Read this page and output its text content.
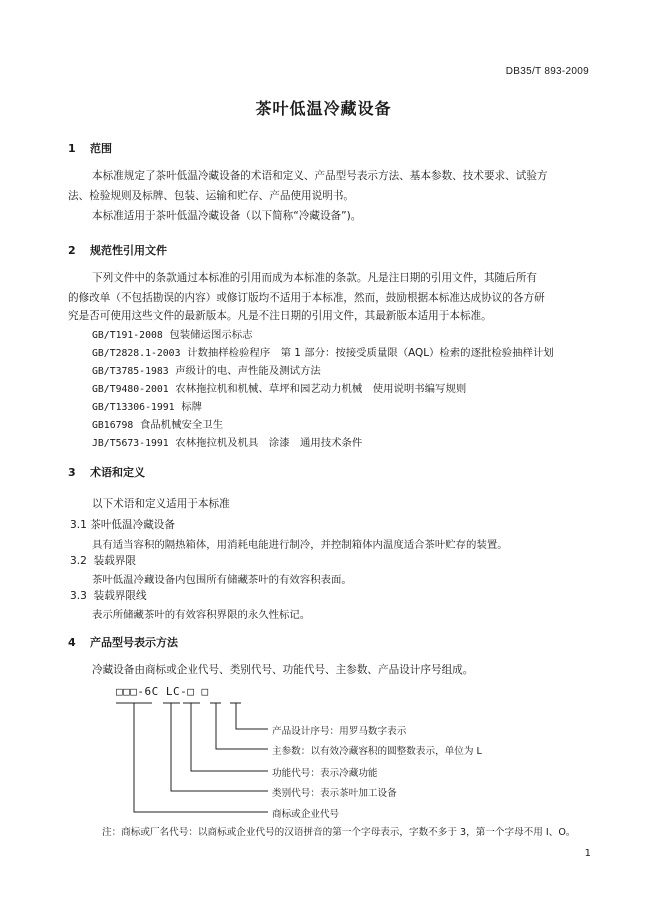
DB35/T 893-2009
茶叶低温冷藏设备
1 范围
本标准规定了茶叶低温冷藏设备的术语和定义、产品型号表示方法、基本参数、技术要求、试验方
法、检验规则及标牌、包装、运输和贮存、产品使用说明书。
本标准适用于茶叶低温冷藏设备（以下简称“冷藏设备”)。
2 规范性引用文件
下列文件中的条款通过本标准的引用而成为本标准的条款。凡是注日期的引用文件，其随后所有
的修改单（不包括勘误的内容）或修订版均不适用于本标准，然而，鼓励根据本标准达成协议的各方研
究是否可使用这些文件的最新版本。凡是不注日期的引用文件，其最新版本适用于本标准。
GB/T191-2008 包装储运图示标志
GB/T2828.1-2003 计数抽样检验程序　第 1 部分：按接受质量限（AQL）检索的逐批检验抽样计划
GB/T3785-1983 声级计的电、声性能及测试方法
GB/T9480-2001 农林拖拉机和机械、草坪和园艺动力机械　使用说明书编写规则
GB/T13306-1991 标牌
GB16798 食品机械安全卫生
JB/T5673-1991 农林拖拉机及机具　涂漆　通用技术条件
3 术语和定义
以下术语和定义适用于本标准
3.1 茶叶低温冷藏设备
具有适当容积的隔热箱体，用消耗电能进行制冷，并控制箱体内温度适合茶叶贮存的装置。
3.2 装载界限
茶叶低温冷藏设备内包围所有储藏茶叶的有效容积表面。
3.3 装载界限线
表示所储藏茶叶的有效容积界限的永久性标记。
4 产品型号表示方法
冷藏设备由商标或企业代号、类别代号、功能代号、主参数、产品设计序号组成。
□□□-6C LC-□ □
产品设计序号：用罗马数字表示
主参数：以有效冷藏容积的圆整数表示，单位为 L
功能代号：表示冷藏功能
类别代号：表示茶叶加工设备
商标或企业代号
注：商标或厂名代号：以商标或企业代号的汉语拼音的第一个字母表示，字数不多于 3，第一个字母不用 I、O。
1
